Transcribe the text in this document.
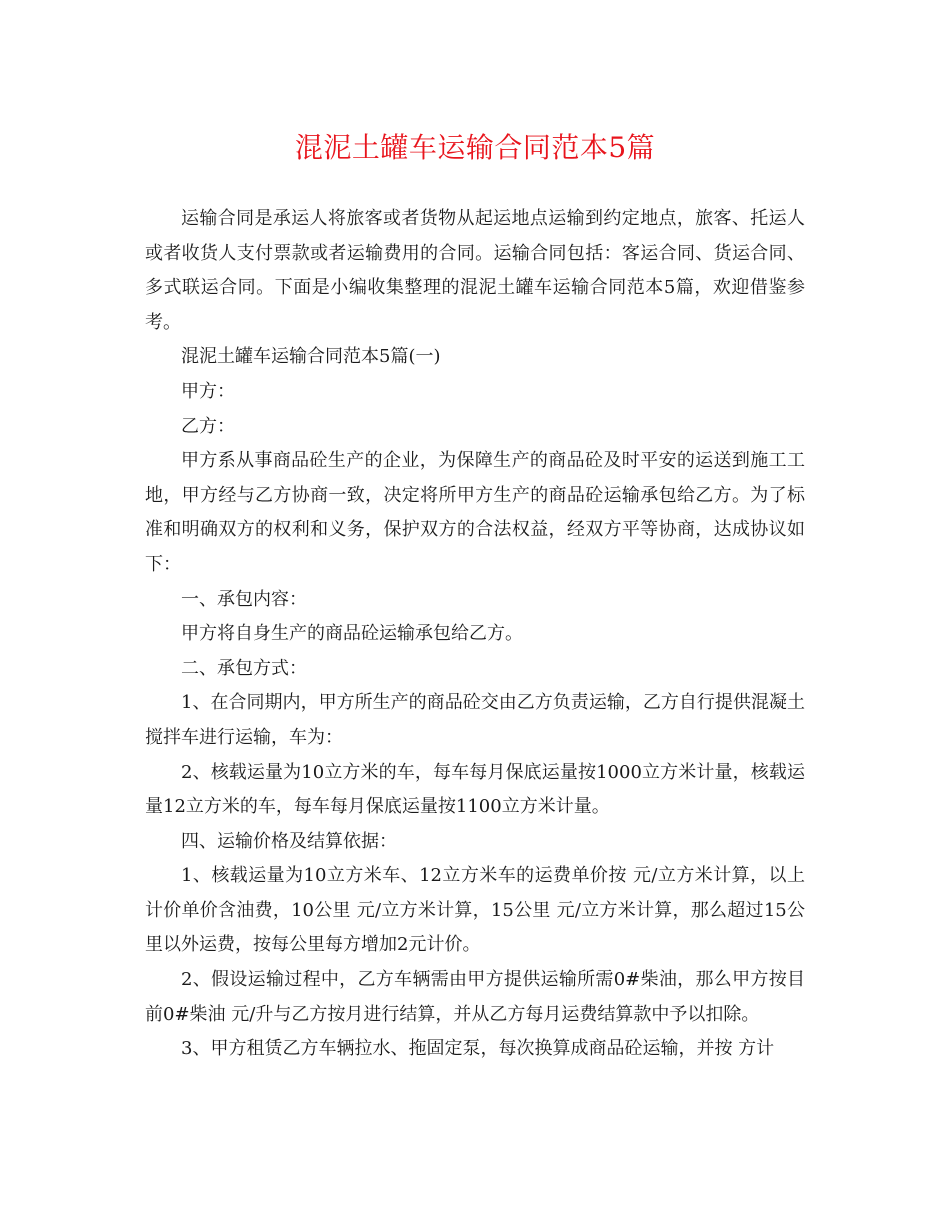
混泥土罐车运输合同范本5篇

运输合同是承运人将旅客或者货物从起运地点运输到约定地点，旅客、托运人或者收货人支付票款或者运输费用的合同。运输合同包括：客运合同、货运合同、多式联运合同。下面是小编收集整理的混泥土罐车运输合同范本5篇，欢迎借鉴参考。

混泥土罐车运输合同范本5篇(一)

甲方：

乙方：

甲方系从事商品砼生产的企业，为保障生产的商品砼及时平安的运送到施工工地，甲方经与乙方协商一致，决定将所甲方生产的商品砼运输承包给乙方。为了标准和明确双方的权利和义务，保护双方的合法权益，经双方平等协商，达成协议如下：

一、承包内容：

甲方将自身生产的商品砼运输承包给乙方。

二、承包方式：

1、在合同期内，甲方所生产的商品砼交由乙方负责运输，乙方自行提供混凝土搅拌车进行运输，车为：

2、核载运量为10立方米的车，每车每月保底运量按1000立方米计量，核载运量12立方米的车，每车每月保底运量按1100立方米计量。

四、运输价格及结算依据：

1、核载运量为10立方米车、12立方米车的运费单价按 元/立方米计算，以上计价单价含油费，10公里 元/立方米计算，15公里 元/立方米计算，那么超过15公里以外运费，按每公里每方增加2元计价。

2、假设运输过程中，乙方车辆需由甲方提供运输所需0#柴油，那么甲方按目前0#柴油 元/升与乙方按月进行结算，并从乙方每月运费结算款中予以扣除。

3、甲方租赁乙方车辆拉水、拖固定泵，每次换算成商品砼运输，并按 方计
